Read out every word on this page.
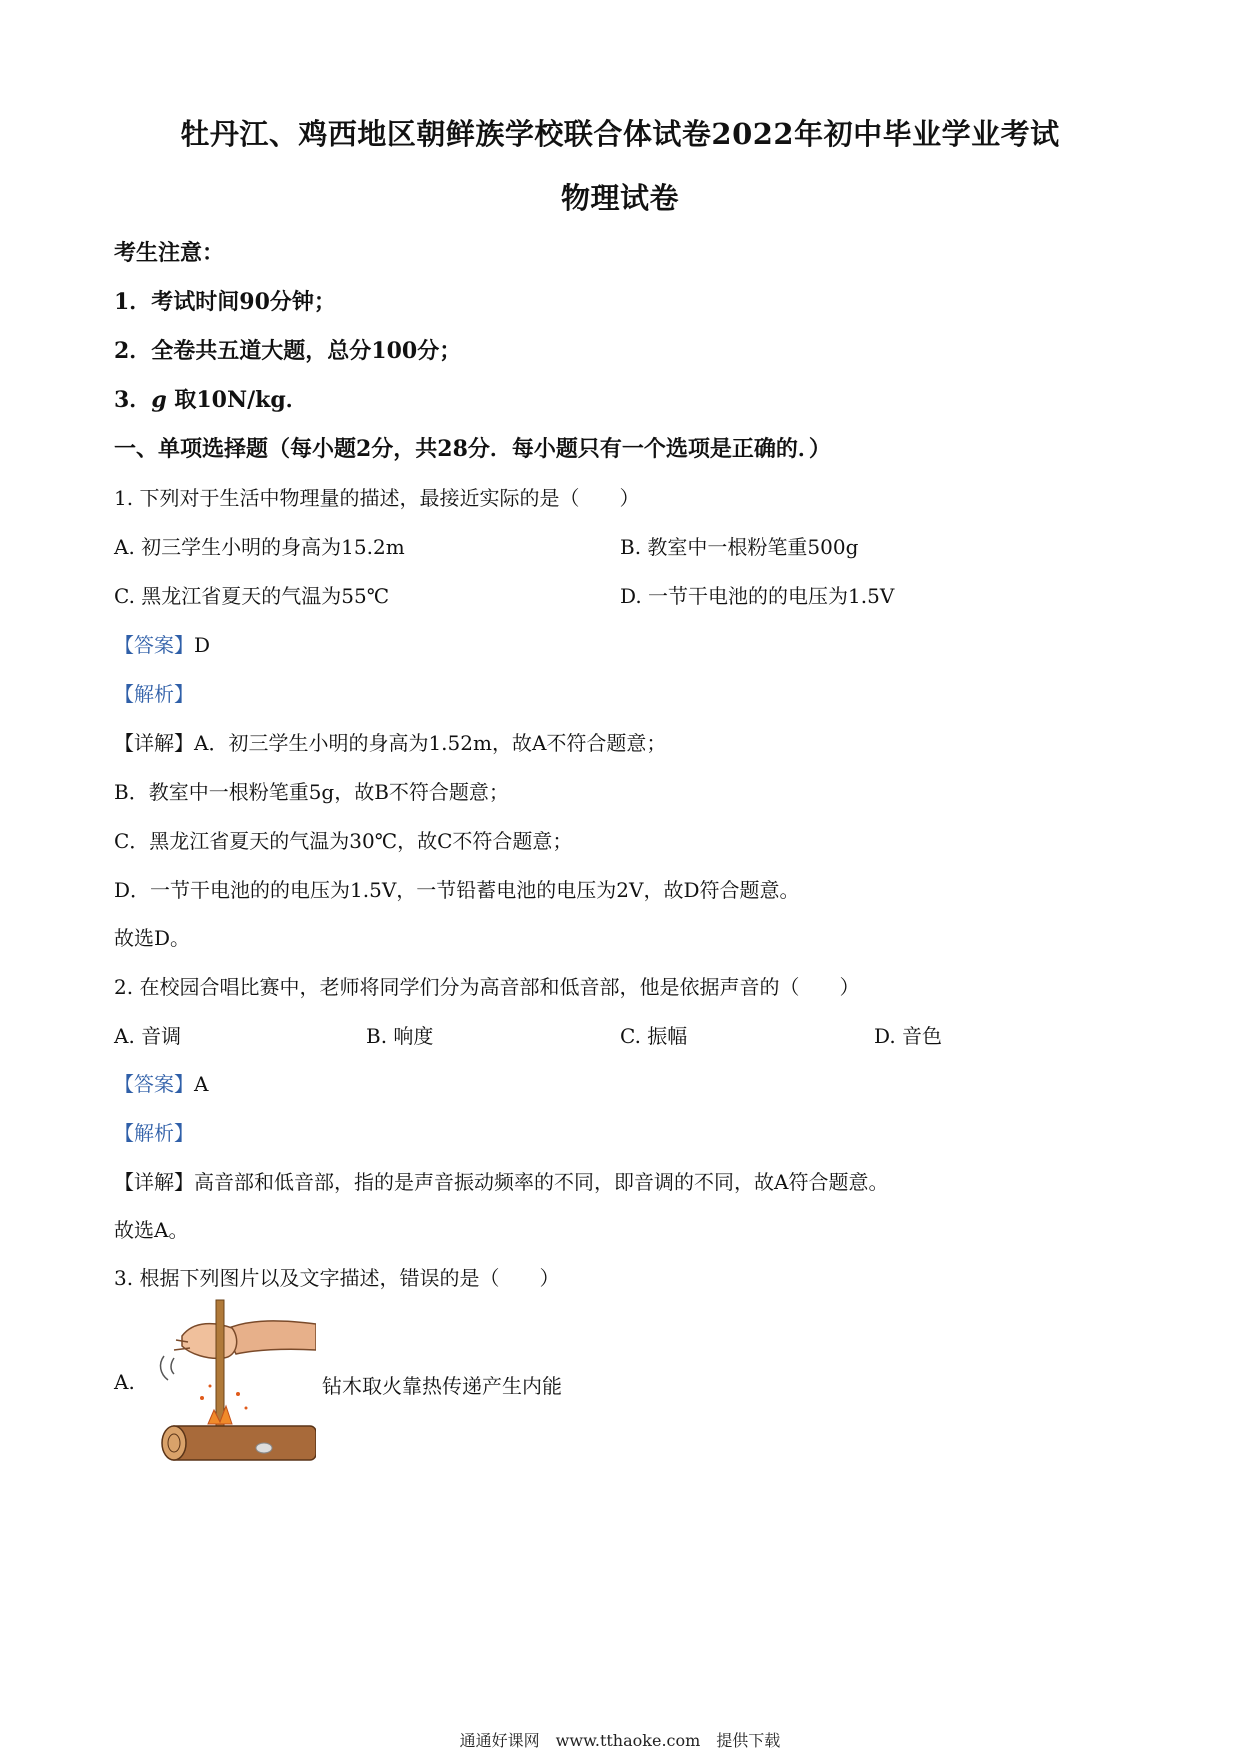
牡丹江、鸡西地区朝鲜族学校联合体试卷2022年初中毕业学业考试
物理试卷
考生注意：
1．考试时间90分钟；
2．全卷共五道大题，总分100分；
3．g 取10N/kg．
一、单项选择题（每小题2分，共28分．每小题只有一个选项是正确的．）
1. 下列对于生活中物理量的描述，最接近实际的是（　　）
A. 初三学生小明的身高为15.2m	B. 教室中一根粉笔重500g
C. 黑龙江省夏天的气温为55℃	D. 一节干电池的的电压为1.5V
【答案】D
【解析】
【详解】A．初三学生小明的身高为1.52m，故A不符合题意；
B．教室中一根粉笔重5g，故B不符合题意；
C．黑龙江省夏天的气温为30℃，故C不符合题意；
D．一节干电池的的电压为1.5V，一节铅蓄电池的电压为2V，故D符合题意。
故选D。
2. 在校园合唱比赛中，老师将同学们分为高音部和低音部，他是依据声音的（　　）
A. 音调	B. 响度	C. 振幅	D. 音色
【答案】A
【解析】
【详解】高音部和低音部，指的是声音振动频率的不同，即音调的不同，故A符合题意。
故选A。
3. 根据下列图片以及文字描述，错误的是（　　）
A.	钻木取火靠热传递产生内能
通通好课网　www.tthaoke.com　提供下载
